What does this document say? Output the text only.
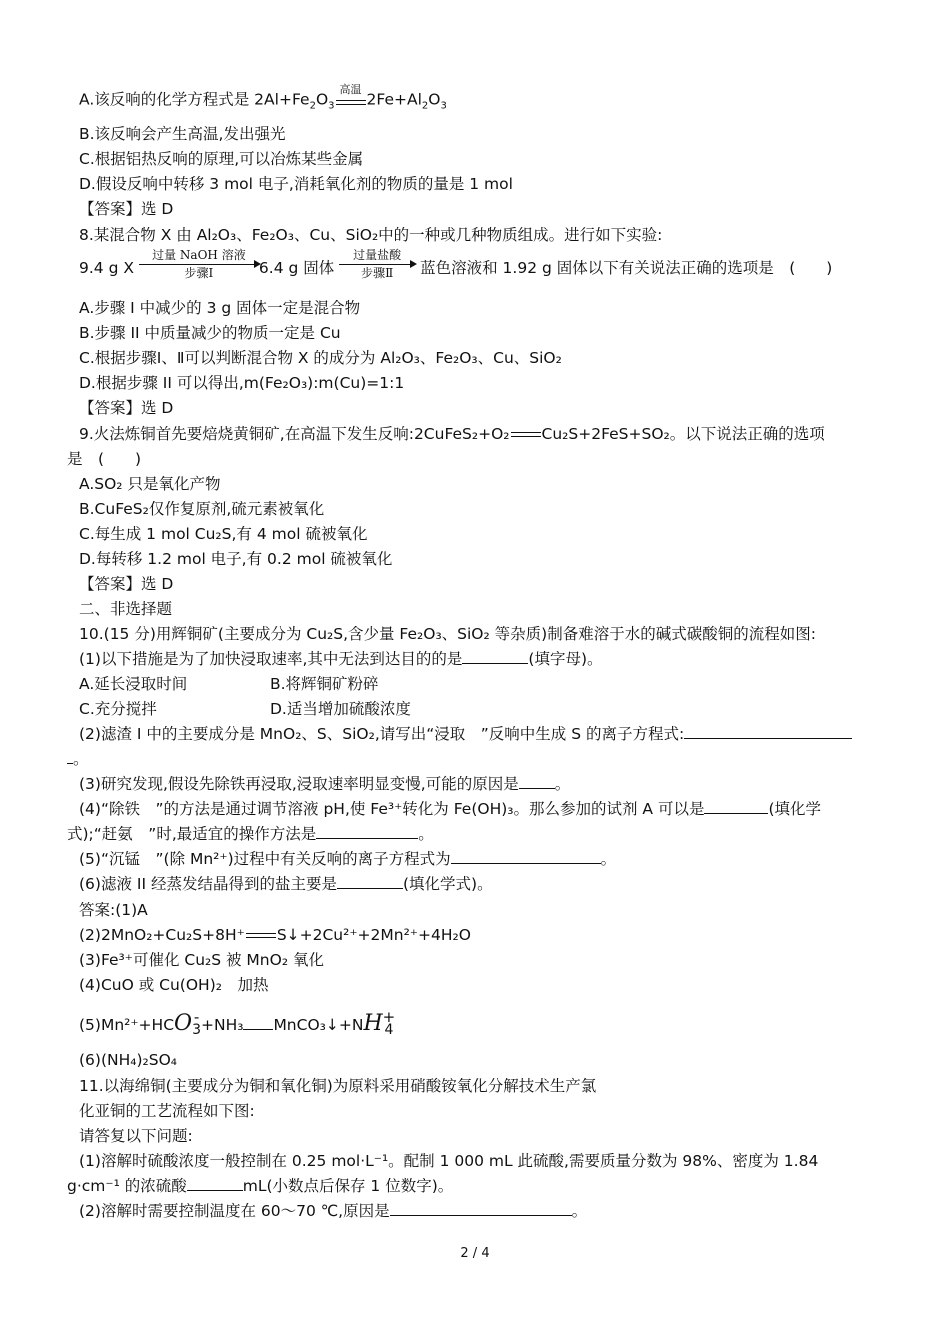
A.该反响的化学方程式是 $2Al+Fe_2O_3$
高温
$2Fe+Al_2O_3$
B.该反响会产生高温,发出强光
C.根据铝热反响的原理,可以冶炼某些金属
D.假设反响中转移 3 mol 电子,消耗氧化剂的物质的量是 1 mol
【答案】选 D
8.某混合物 X 由 Al₂O₃、Fe₂O₃、Cu、SiO₂中的一种或几种物质组成。进行如下实验:
9.4 g X
过量 NaOH 溶液
步骤Ⅰ	6.4 g 固体
过量盐酸
步骤Ⅱ	蓝色溶液和 1.92 g 固体以下有关说法正确的选项是　(　　)
A.步骤 I 中减少的 3 g 固体一定是混合物
B.步骤 II 中质量减少的物质一定是 Cu
C.根据步骤Ⅰ、Ⅱ可以判断混合物 X 的成分为 Al₂O₃、Fe₂O₃、Cu、SiO₂
D.根据步骤 II 可以得出,m(Fe₂O₃):m(Cu)=1:1
【答案】选 D
9.火法炼铜首先要焙烧黄铜矿,在高温下发生反响:2CuFeS₂+O₂ Cu₂S+2FeS+SO₂。以下说法正确的选项
是　(　　)
A.SO₂ 只是氧化产物
B.CuFeS₂仅作复原剂,硫元素被氧化
C.每生成 1 mol Cu₂S,有 4 mol 硫被氧化
D.每转移 1.2 mol 电子,有 0.2 mol 硫被氧化
【答案】选 D
二、非选择题
10.(15 分)用辉铜矿(主要成分为 Cu₂S,含少量 Fe₂O₃、SiO₂ 等杂质)制备难溶于水的碱式碳酸铜的流程如图:
(1)以下措施是为了加快浸取速率,其中无法到达目的的是	(填字母)。
A.延长浸取时间	B.将辉铜矿粉碎
C.充分搅拌	D.适当增加硫酸浓度
(2)滤渣 I 中的主要成分是 MnO₂、S、SiO₂,请写出“浸取　”反响中生成 S 的离子方程式:
。
(3)研究发现,假设先除铁再浸取,浸取速率明显变慢,可能的原因是 。
(4)“除铁　”的方法是通过调节溶液 pH,使 Fe³⁺转化为 Fe(OH)₃。那么参加的试剂 A 可以是	(填化学
式);“赶氨　”时,最适宜的操作方法是	。
(5)“沉锰　”(除 Mn²⁺)过程中有关反响的离子方程式为	。
(6)滤液 II 经蒸发结晶得到的盐主要是	(填化学式)。
答案:(1)A
(2)2MnO₂+Cu₂S+8H⁺ S↓+2Cu²⁺+2Mn²⁺+4H₂O
(3)Fe³⁺可催化 Cu₂S 被 MnO₂ 氧化
(4)CuO 或 Cu(OH)₂　加热
(5)Mn²⁺+HCO -
3 +NH₃ MnCO₃↓+NH +
4
(6)(NH₄)₂SO₄
11.以海绵铜(主要成分为铜和氧化铜)为原料采用硝酸铵氧化分解技术生产氯
化亚铜的工艺流程如下图:
请答复以下问题:
(1)溶解时硫酸浓度一般控制在 0.25 mol·L⁻¹。配制 1 000 mL 此硫酸,需要质量分数为 98%、密度为 1.84
g·cm⁻¹ 的浓硫酸	mL(小数点后保存 1 位数字)。
(2)溶解时需要控制温度在 60～70 ℃,原因是	。
2 / 4
